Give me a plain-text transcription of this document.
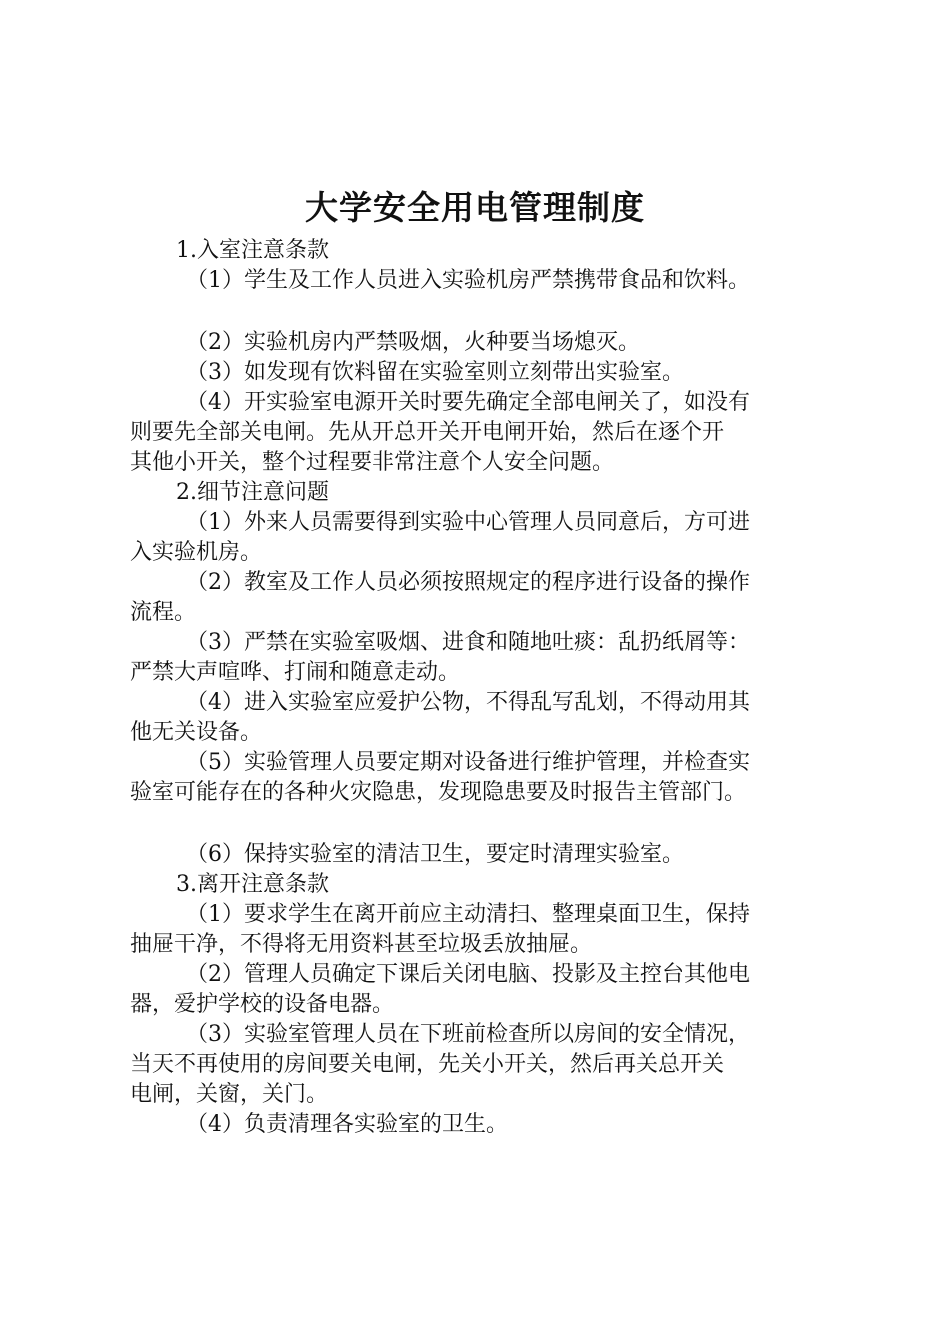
大学安全用电管理制度

1.入室注意条款

（1）学生及工作人员进入实验机房严禁携带食品和饮料。

（2）实验机房内严禁吸烟，火种要当场熄灭。

（3）如发现有饮料留在实验室则立刻带出实验室。

（4）开实验室电源开关时要先确定全部电闸关了，如没有

则要先全部关电闸。先从开总开关开电闸开始，然后在逐个开

其他小开关，整个过程要非常注意个人安全问题。

2.细节注意问题

（1）外来人员需要得到实验中心管理人员同意后，方可进

入实验机房。

（2）教室及工作人员必须按照规定的程序进行设备的操作

流程。

（3）严禁在实验室吸烟、进食和随地吐痰：乱扔纸屑等：

严禁大声喧哗、打闹和随意走动。

（4）进入实验室应爱护公物，不得乱写乱划，不得动用其

他无关设备。

（5）实验管理人员要定期对设备进行维护管理，并检查实

验室可能存在的各种火灾隐患，发现隐患要及时报告主管部门。

（6）保持实验室的清洁卫生，要定时清理实验室。

3.离开注意条款

（1）要求学生在离开前应主动清扫、整理桌面卫生，保持

抽屉干净，不得将无用资料甚至垃圾丢放抽屉。

（2）管理人员确定下课后关闭电脑、投影及主控台其他电

器，爱护学校的设备电器。

（3）实验室管理人员在下班前检查所以房间的安全情况，

当天不再使用的房间要关电闸，先关小开关，然后再关总开关

电闸，关窗，关门。

（4）负责清理各实验室的卫生。
